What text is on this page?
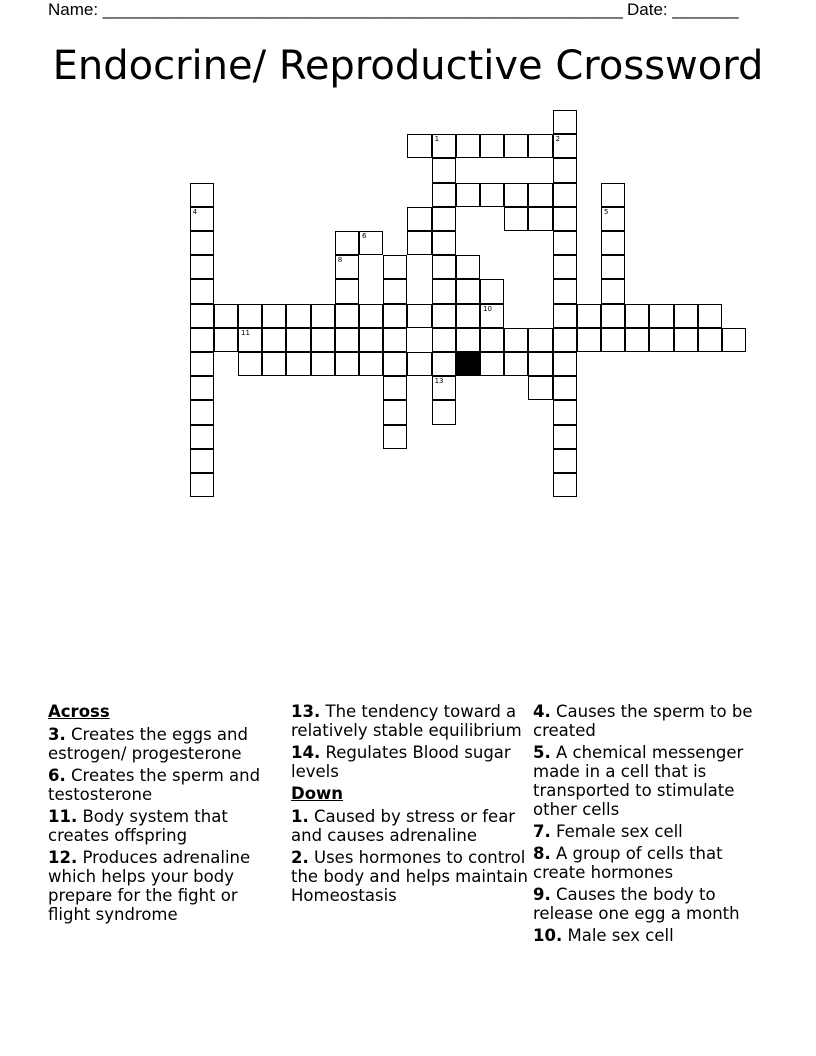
Name: _______________________________________________________ Date: _______
Endocrine/ Reproductive Crossword
1
13
2
4	5
8
10
6
11
Across
3. Creates the eggs and estrogen/ progesterone
6. Creates the sperm and testosterone
11. Body system that creates offspring
12. Produces adrenaline which helps your body prepare for the fight or flight syndrome
13. The tendency toward a relatively stable equilibrium
14. Regulates Blood sugar levels
Down
1. Caused by stress or fear and causes adrenaline
2. Uses hormones to control the body and helps maintain Homeostasis
4. Causes the sperm to be created
5. A chemical messenger made in a cell that is transported to stimulate other cells
7. Female sex cell
8. A group of cells that create hormones
9. Causes the body to release one egg a month
10. Male sex cell
